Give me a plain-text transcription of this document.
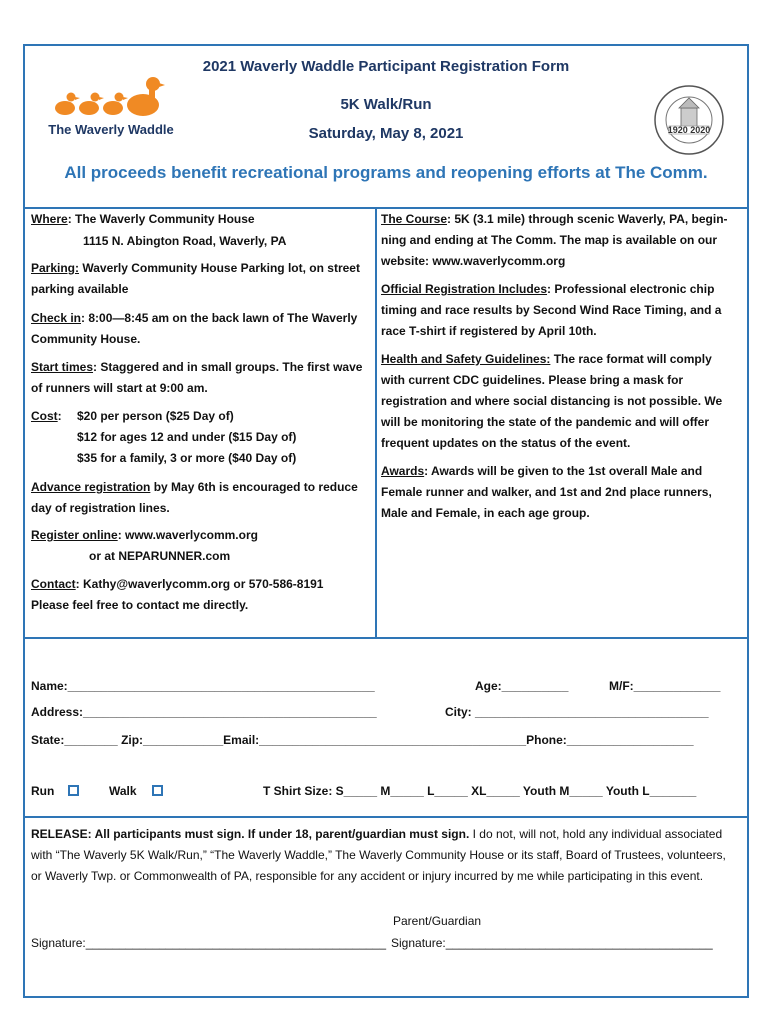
The Waverly Waddle
2021 Waverly Waddle Participant Registration Form
5K Walk/Run
Saturday, May 8, 2021
All proceeds benefit recreational programs and reopening efforts at The Comm.
1920 2020
Where: The Waverly Community House
1115 N. Abington Road, Waverly, PA
Parking: Waverly Community House Parking lot, on street
parking available
Check in: 8:00—8:45 am on the back lawn of The Waverly
Community House.
Start times: Staggered and in small groups. The first wave
of runners will start at 9:00 am.
Cost: $20 per person ($25 Day of)
$12 for ages 12 and under ($15 Day of)
$35 for a family, 3 or more ($40 Day of)
Advance registration by May 6th is encouraged to reduce
day of registration lines.
Register online: www.waverlycomm.org
or at NEPARUNNER.com
Contact: Kathy@waverlycomm.org or 570-586-8191
Please feel free to contact me directly.
The Course: 5K (3.1 mile) through scenic Waverly, PA, begin-
ning and ending at The Comm. The map is available on our
website: www.waverlycomm.org
Official Registration Includes: Professional electronic chip
timing and race results by Second Wind Race Timing, and a
race T-shirt if registered by April 10th.
Health and Safety Guidelines: The race format will comply
with current CDC guidelines. Please bring a mask for
registration and where social distancing is not possible. We
will be monitoring the state of the pandemic and will offer
frequent updates on the status of the event.
Awards: Awards will be given to the 1st overall Male and
Female runner and walker, and 1st and 2nd place runners,
Male and Female, in each age group.
Name:______________________________________________	Age:__________	M/F:_____________
Address:____________________________________________	City: ___________________________________
State:________ Zip:____________Email:________________________________________Phone:___________________
Run	Walk	T Shirt Size: S_____ M_____ L_____ XL_____ Youth M_____ Youth L_______
RELEASE: All participants must sign. If under 18, parent/guardian must sign. I do not, will not, hold any individual associated with “The Waverly 5K Walk/Run,” “The Waverly Waddle,” The Waverly Community House or its staff, Board of Trustees, volunteers, or Waverly Twp. or Commonwealth of PA, responsible for any accident or injury incurred by me while participating in this event.
Parent/Guardian
Signature:_____________________________________________ Signature:________________________________________
